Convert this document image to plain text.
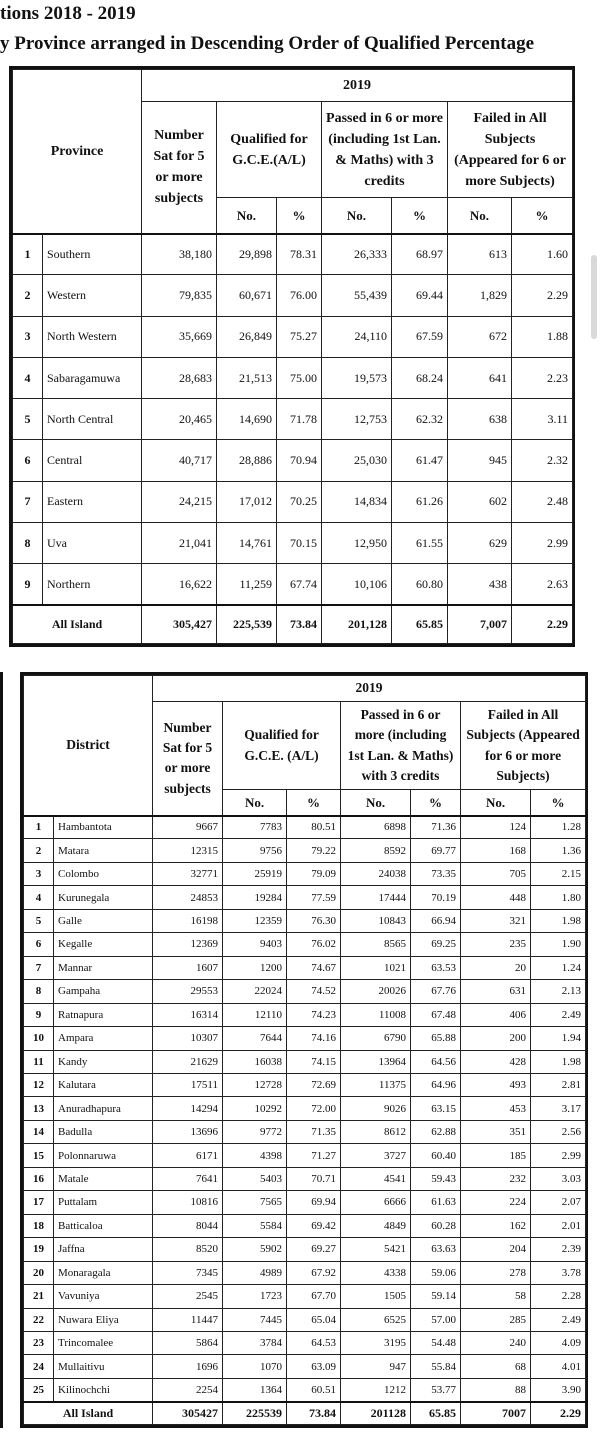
tions 2018 - 2019
y Province arranged in Descending Order of Qualified Percentage
Province		2019						
		Number Sat for 5 or more subjects	Qualified for G.C.E.(A/L)		Passed in 6 or more (including 1st Lan. & Maths) with 3 credits		Failed in All Subjects (Appeared for 6 or more Subjects)	
			No.	%	No.	%	No.	%
1	Southern	38,180	29,898	78.31	26,333	68.97	613	1.60
2	Western	79,835	60,671	76.00	55,439	69.44	1,829	2.29
3	North Western	35,669	26,849	75.27	24,110	67.59	672	1.88
4	Sabaragamuwa	28,683	21,513	75.00	19,573	68.24	641	2.23
5	North Central	20,465	14,690	71.78	12,753	62.32	638	3.11
6	Central	40,717	28,886	70.94	25,030	61.47	945	2.32
7	Eastern	24,215	17,012	70.25	14,834	61.26	602	2.48
8	Uva	21,041	14,761	70.15	12,950	61.55	629	2.99
9	Northern	16,622	11,259	67.74	10,106	60.80	438	2.63
All Island		305,427	225,539	73.84	201,128	65.85	7,007	2.29
District		2019						
		Number Sat for 5 or more subjects	Qualified for G.C.E. (A/L)		Passed in 6 or more (including 1st Lan. & Maths) with 3 credits		Failed in All Subjects (Appeared for 6 or more Subjects)	
			No.	%	No.	%	No.	%
1	Hambantota	9667	7783	80.51	6898	71.36	124	1.28
2	Matara	12315	9756	79.22	8592	69.77	168	1.36
3	Colombo	32771	25919	79.09	24038	73.35	705	2.15
4	Kurunegala	24853	19284	77.59	17444	70.19	448	1.80
5	Galle	16198	12359	76.30	10843	66.94	321	1.98
6	Kegalle	12369	9403	76.02	8565	69.25	235	1.90
7	Mannar	1607	1200	74.67	1021	63.53	20	1.24
8	Gampaha	29553	22024	74.52	20026	67.76	631	2.13
9	Ratnapura	16314	12110	74.23	11008	67.48	406	2.49
10	Ampara	10307	7644	74.16	6790	65.88	200	1.94
11	Kandy	21629	16038	74.15	13964	64.56	428	1.98
12	Kalutara	17511	12728	72.69	11375	64.96	493	2.81
13	Anuradhapura	14294	10292	72.00	9026	63.15	453	3.17
14	Badulla	13696	9772	71.35	8612	62.88	351	2.56
15	Polonnaruwa	6171	4398	71.27	3727	60.40	185	2.99
16	Matale	7641	5403	70.71	4541	59.43	232	3.03
17	Puttalam	10816	7565	69.94	6666	61.63	224	2.07
18	Batticaloa	8044	5584	69.42	4849	60.28	162	2.01
19	Jaffna	8520	5902	69.27	5421	63.63	204	2.39
20	Monaragala	7345	4989	67.92	4338	59.06	278	3.78
21	Vavuniya	2545	1723	67.70	1505	59.14	58	2.28
22	Nuwara Eliya	11447	7445	65.04	6525	57.00	285	2.49
23	Trincomalee	5864	3784	64.53	3195	54.48	240	4.09
24	Mullaitivu	1696	1070	63.09	947	55.84	68	4.01
25	Kilinochchi	2254	1364	60.51	1212	53.77	88	3.90
All Island		305427	225539	73.84	201128	65.85	7007	2.29
